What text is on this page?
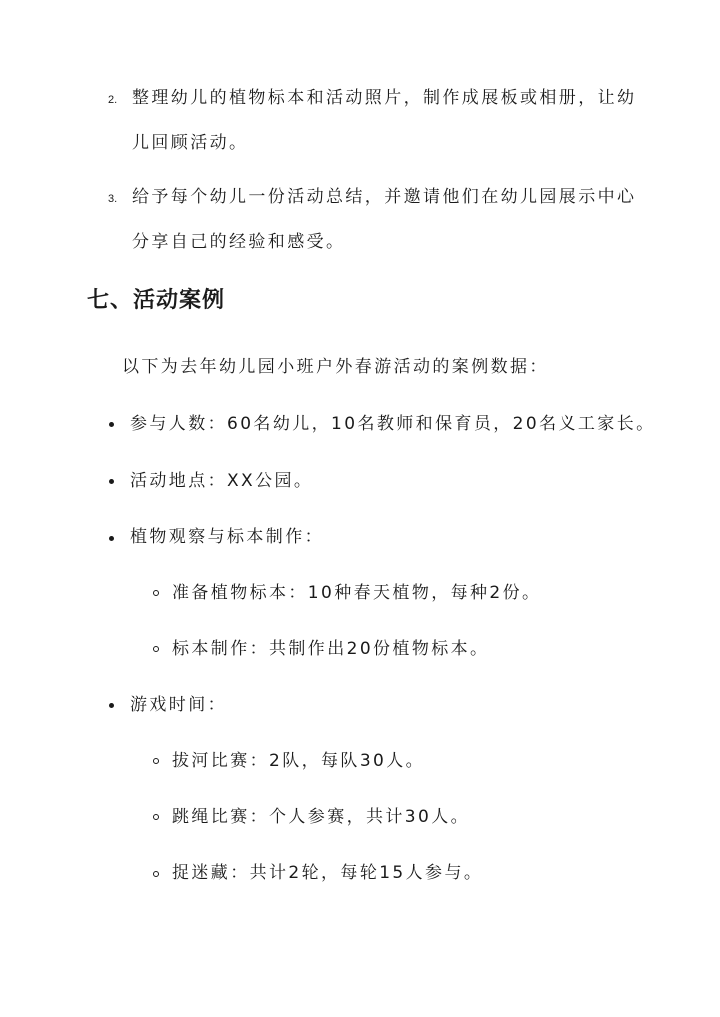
2. 整理幼儿的植物标本和活动照片，制作成展板或相册，让幼
儿回顾活动。
3. 给予每个幼儿一份活动总结，并邀请他们在幼儿园展示中心
分享自己的经验和感受。
七、活动案例
以下为去年幼儿园小班户外春游活动的案例数据：
参与人数：60名幼儿，10名教师和保育员，20名义工家长。
活动地点：XX公园。
植物观察与标本制作：
准备植物标本：10种春天植物，每种2份。
标本制作：共制作出20份植物标本。
游戏时间：
拔河比赛：2队，每队30人。
跳绳比赛：个人参赛，共计30人。
捉迷藏：共计2轮，每轮15人参与。
